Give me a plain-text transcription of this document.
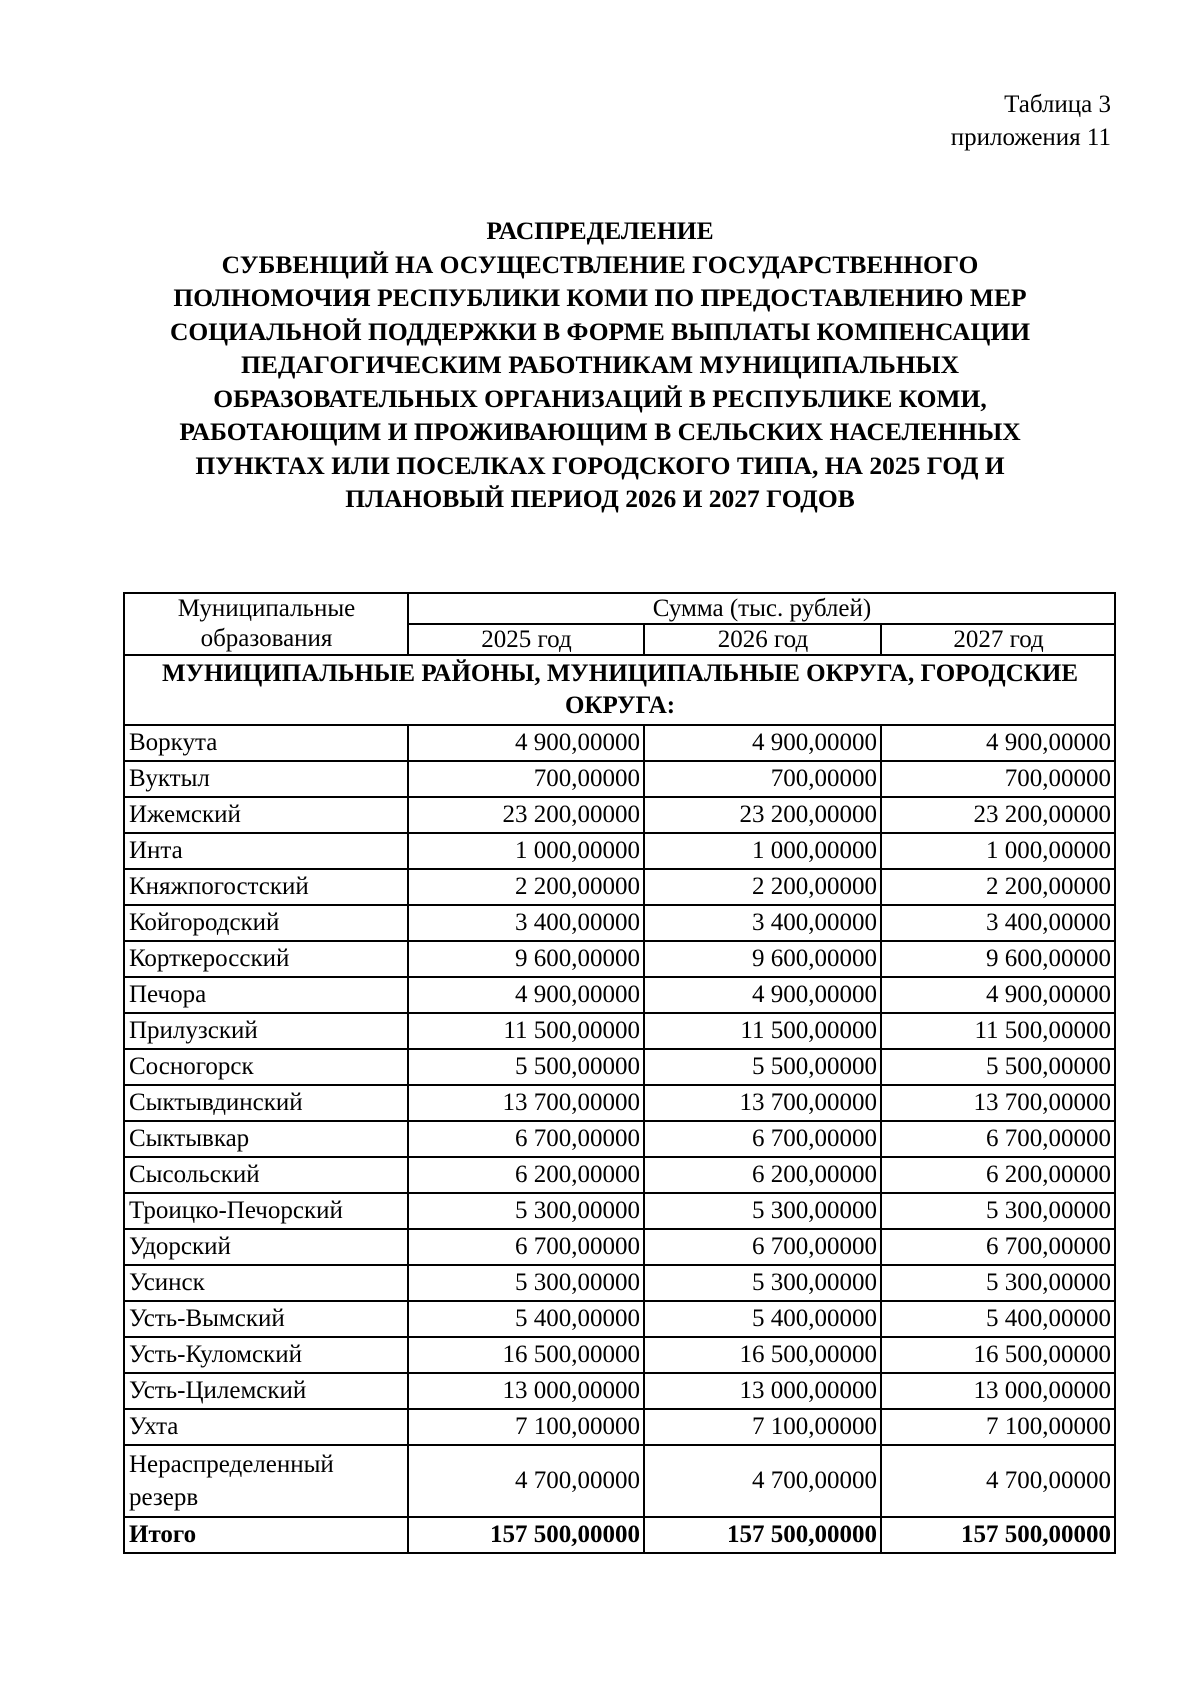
Таблица 3
приложения 11
РАСПРЕДЕЛЕНИЕ
СУБВЕНЦИЙ НА ОСУЩЕСТВЛЕНИЕ ГОСУДАРСТВЕННОГО
ПОЛНОМОЧИЯ РЕСПУБЛИКИ КОМИ ПО ПРЕДОСТАВЛЕНИЮ МЕР
СОЦИАЛЬНОЙ ПОДДЕРЖКИ В ФОРМЕ ВЫПЛАТЫ КОМПЕНСАЦИИ
ПЕДАГОГИЧЕСКИМ РАБОТНИКАМ МУНИЦИПАЛЬНЫХ
ОБРАЗОВАТЕЛЬНЫХ ОРГАНИЗАЦИЙ В РЕСПУБЛИКЕ КОМИ,
РАБОТАЮЩИМ И ПРОЖИВАЮЩИМ В СЕЛЬСКИХ НАСЕЛЕННЫХ
ПУНКТАХ ИЛИ ПОСЕЛКАХ ГОРОДСКОГО ТИПА, НА 2025 ГОД И
ПЛАНОВЫЙ ПЕРИОД 2026 И 2027 ГОДОВ
Муниципальные образования	Сумма (тыс. рублей)		
	2025 год	2026 год	2027 год
МУНИЦИПАЛЬНЫЕ РАЙОНЫ, МУНИЦИПАЛЬНЫЕ ОКРУГА, ГОРОДСКИЕ ОКРУГА:			
Воркута	4 900,00000	4 900,00000	4 900,00000
Вуктыл	700,00000	700,00000	700,00000
Ижемский	23 200,00000	23 200,00000	23 200,00000
Инта	1 000,00000	1 000,00000	1 000,00000
Княжпогостский	2 200,00000	2 200,00000	2 200,00000
Койгородский	3 400,00000	3 400,00000	3 400,00000
Корткеросский	9 600,00000	9 600,00000	9 600,00000
Печора	4 900,00000	4 900,00000	4 900,00000
Прилузский	11 500,00000	11 500,00000	11 500,00000
Сосногорск	5 500,00000	5 500,00000	5 500,00000
Сыктывдинский	13 700,00000	13 700,00000	13 700,00000
Сыктывкар	6 700,00000	6 700,00000	6 700,00000
Сысольский	6 200,00000	6 200,00000	6 200,00000
Троицко-Печорский	5 300,00000	5 300,00000	5 300,00000
Удорский	6 700,00000	6 700,00000	6 700,00000
Усинск	5 300,00000	5 300,00000	5 300,00000
Усть-Вымский	5 400,00000	5 400,00000	5 400,00000
Усть-Куломский	16 500,00000	16 500,00000	16 500,00000
Усть-Цилемский	13 000,00000	13 000,00000	13 000,00000
Ухта	7 100,00000	7 100,00000	7 100,00000
Нераспределенный резерв	4 700,00000	4 700,00000	4 700,00000
Итого	157 500,00000	157 500,00000	157 500,00000
